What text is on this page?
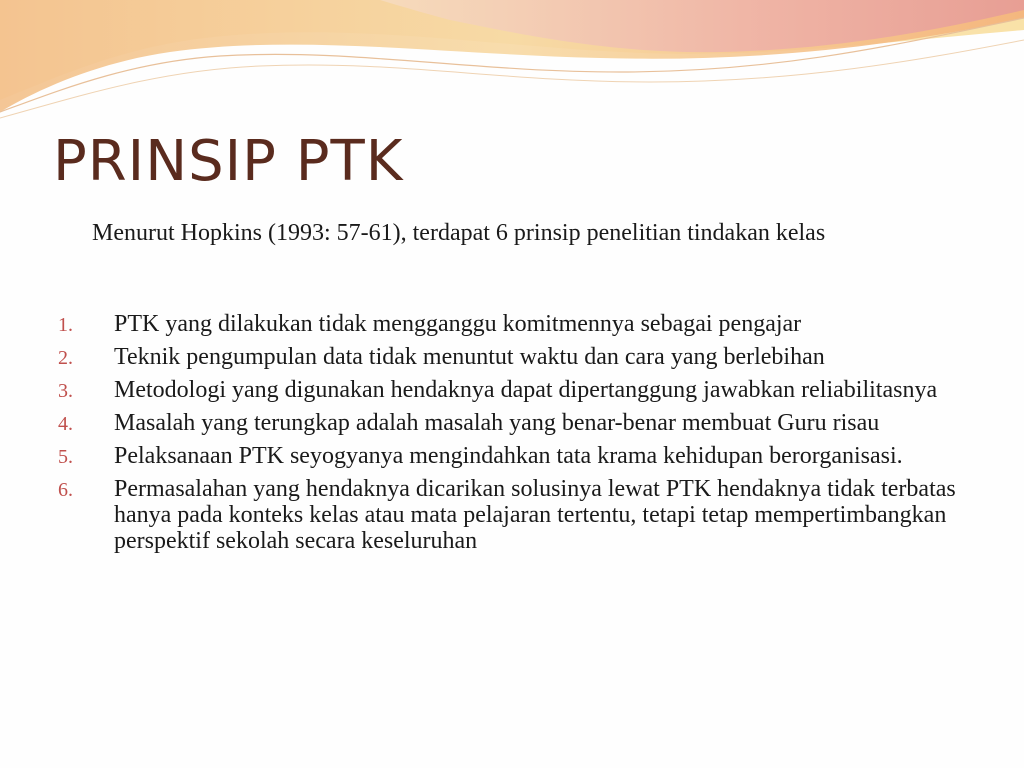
PRINSIP PTK

Menurut Hopkins (1993: 57-61), terdapat 6 prinsip penelitian tindakan kelas

1.	PTK yang dilakukan tidak mengganggu komitmennya sebagai pengajar
2.	Teknik pengumpulan data tidak menuntut waktu dan cara yang berlebihan
3.	Metodologi yang digunakan hendaknya dapat dipertanggung jawabkan reliabilitasnya
4.	Masalah yang terungkap adalah masalah yang benar-benar membuat Guru risau
5.	Pelaksanaan PTK seyogyanya mengindahkan tata krama kehidupan berorganisasi.
6.	Permasalahan yang hendaknya dicarikan solusinya lewat PTK hendaknya tidak terbatas hanya pada konteks kelas atau mata pelajaran tertentu, tetapi tetap mempertimbangkan perspektif sekolah secara keseluruhan
